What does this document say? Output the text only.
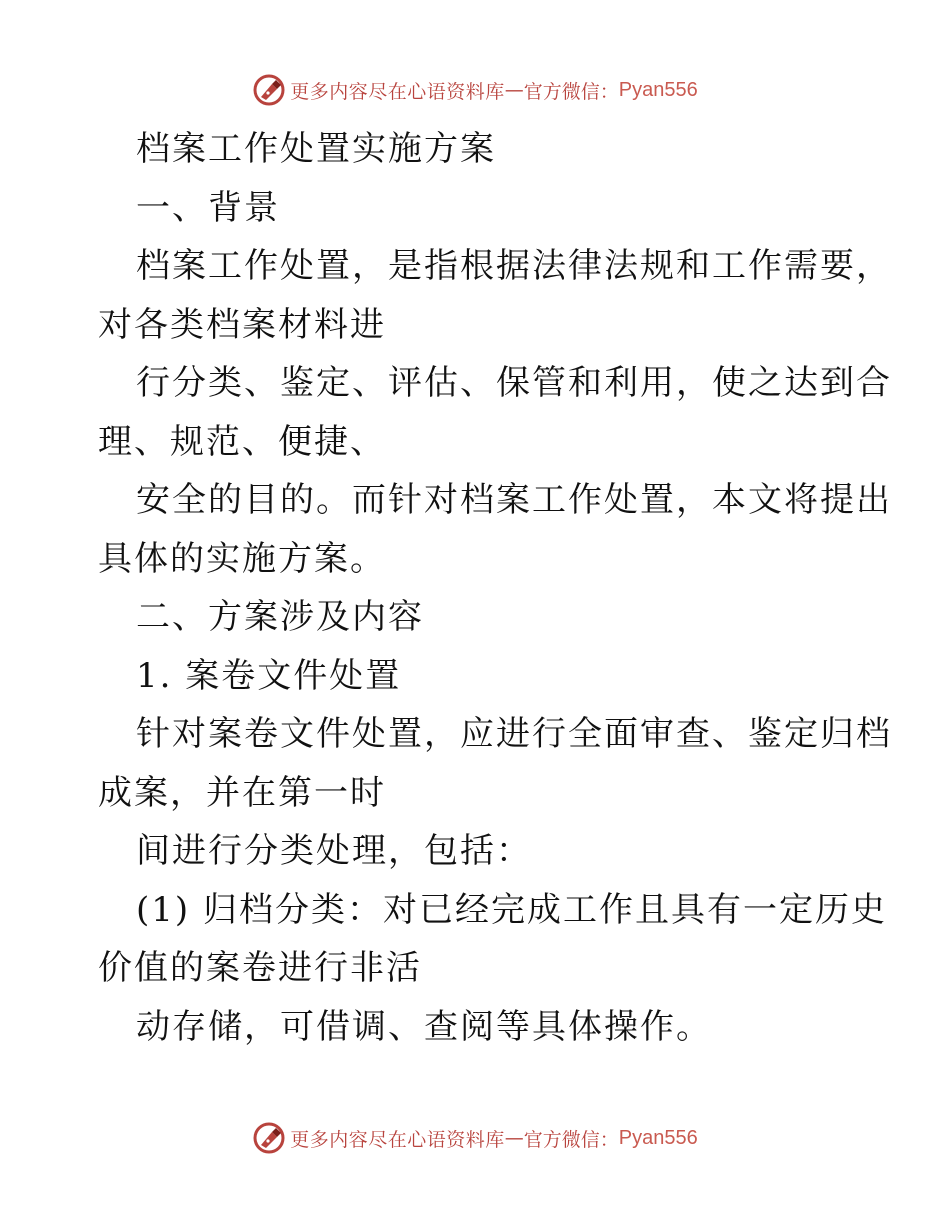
更多内容尽在心语资料库 — 官方微信： Pyan556
档案工作处置实施方案
一、背景
档案工作处置，是指根据法律法规和工作需要，
对各类档案材料进
行分类、鉴定、评估、保管和利用，使之达到合
理、规范、便捷、
安全的目的。而针对档案工作处置，本文将提出
具体的实施方案。
二、方案涉及内容
1. 案卷文件处置
针对案卷文件处置，应进行全面审查、鉴定归档
成案，并在第一时
间进行分类处理，包括：
(1) 归档分类：对已经完成工作且具有一定历史
价值的案卷进行非活
动存储，可借调、查阅等具体操作。
更多内容尽在心语资料库 — 官方微信： Pyan556
